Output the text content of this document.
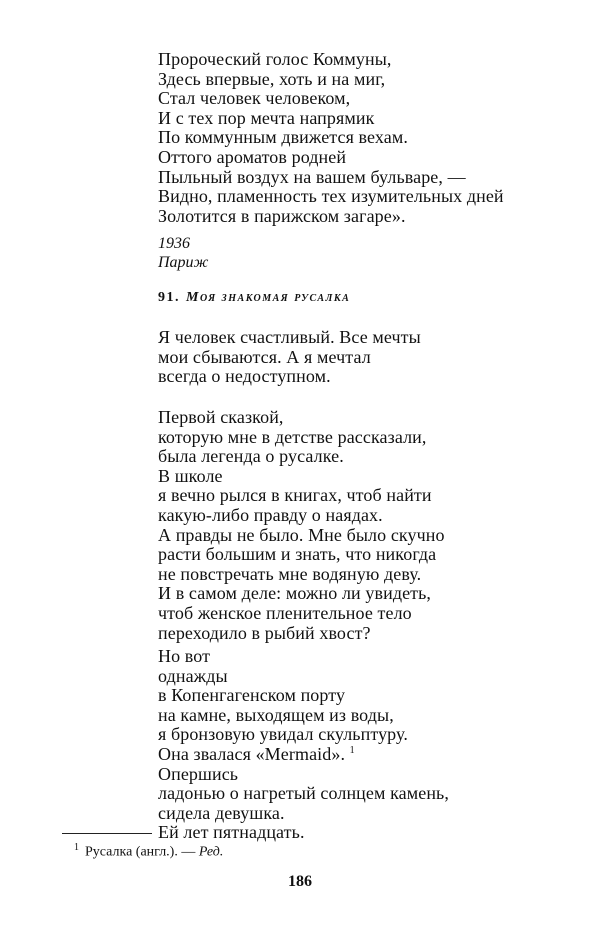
Пророческий голос Коммуны,
Здесь впервые, хоть и на миг,
Стал человек человеком,
И с тех пор мечта напрямик
По коммунным движется вехам.
Оттого ароматов родней
Пыльный воздух на вашем бульваре, —
Видно, пламенность тех изумительных дней
Золотится в парижском загаре».
1936
Париж
91. Моя знакомая русалка
Я человек счастливый. Все мечты
мои сбываются. А я мечтал
всегда о недоступном.
Первой сказкой,
которую мне в детстве рассказали,
была легенда о русалке.
В школе
я вечно рылся в книгах, чтоб найти
какую-либо правду о наядах.
А правды не было. Мне было скучно
расти большим и знать, что никогда
не повстречать мне водяную деву.
И в самом деле: можно ли увидеть,
чтоб женское пленительное тело
переходило в рыбий хвост?
Но вот
однажды
в Копенгагенском порту
на камне, выходящем из воды,
я бронзовую увидал скульптуру.
Она звалася «Mermaid». $^1$
Опершись
ладонью о нагретый солнцем камень,
сидела девушка.
Ей лет пятнадцать.
$^1$ Русалка (англ.). — Ред.
186
